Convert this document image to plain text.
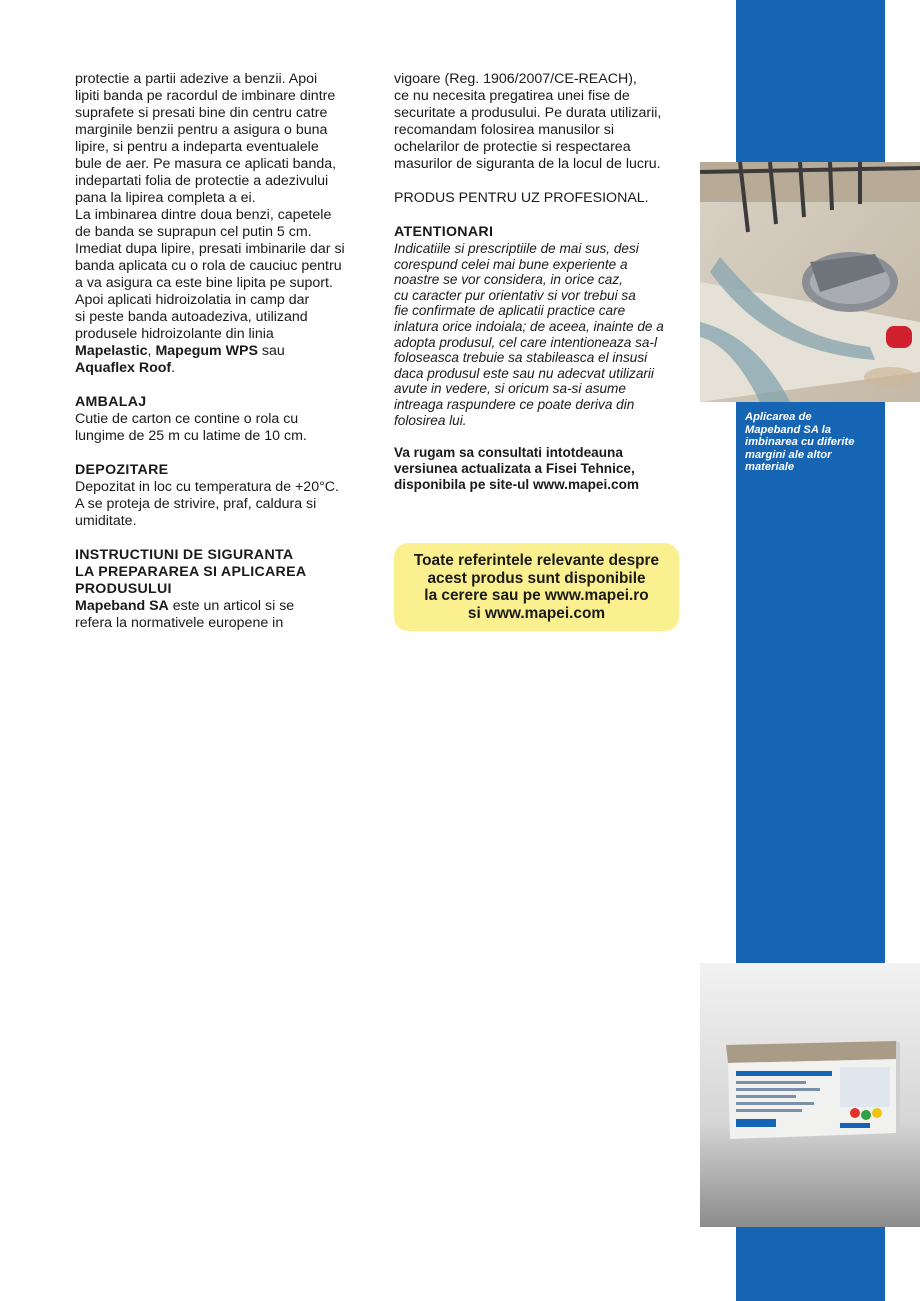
protectie a partii adezive a benzii. Apoi

lipiti banda pe racordul de imbinare dintre

suprafete si presati bine din centru catre

marginile benzii pentru a asigura o buna

lipire, si pentru a indeparta eventualele

bule de aer. Pe masura ce aplicati banda,

indepartati folia de protectie a adezivului

pana la lipirea completa a ei.

La imbinarea dintre doua benzi, capetele

de banda se suprapun cel putin 5 cm.

Imediat dupa lipire, presati imbinarile dar si

banda aplicata cu o rola de cauciuc pentru

a va asigura ca este bine lipita pe suport.

Apoi aplicati hidroizolatia in camp dar

si peste banda autoadeziva, utilizand

produsele hidroizolante din linia

Mapelastic, Mapegum WPS sau

Aquaflex Roof.

AMBALAJ

Cutie de carton ce contine o rola cu

lungime de 25 m cu latime de 10 cm.

DEPOZITARE

Depozitat in loc cu temperatura de +20°C.

A se proteja de strivire, praf, caldura si

umiditate.

INSTRUCTIUNI DE SIGURANTA

LA PREPARAREA SI APLICAREA

PRODUSULUI

Mapeband SA este un articol si se

refera la normativele europene in

vigoare (Reg. 1906/2007/CE-REACH),

ce nu necesita pregatirea unei fise de

securitate a produsului. Pe durata utilizarii,

recomandam folosirea manusilor si

ochelarilor de protectie si respectarea

masurilor de siguranta de la locul de lucru.

PRODUS PENTRU UZ PROFESIONAL.

ATENTIONARI

Indicatiile si prescriptiile de mai sus, desi

corespund celei mai bune experiente a

noastre se vor considera, in orice caz,

cu caracter pur orientativ si vor trebui sa

fie confirmate de aplicatii practice care

inlatura orice indoiala; de aceea, inainte de a

adopta produsul, cel care intentioneaza sa-l

foloseasca trebuie sa stabileasca el insusi

daca produsul este sau nu adecvat utilizarii

avute in vedere, si oricum sa-si asume

intreaga raspundere ce poate deriva din

folosirea lui.

Va rugam sa consultati intotdeauna

versiunea actualizata a Fisei Tehnice,

disponibila pe site-ul www.mapei.com

Toate referintele relevante despre

acest produs sunt disponibile

la cerere sau pe www.mapei.ro

si www.mapei.com

Aplicarea de
Mapeband SA la
imbinarea cu diferite
margini ale altor
materiale
